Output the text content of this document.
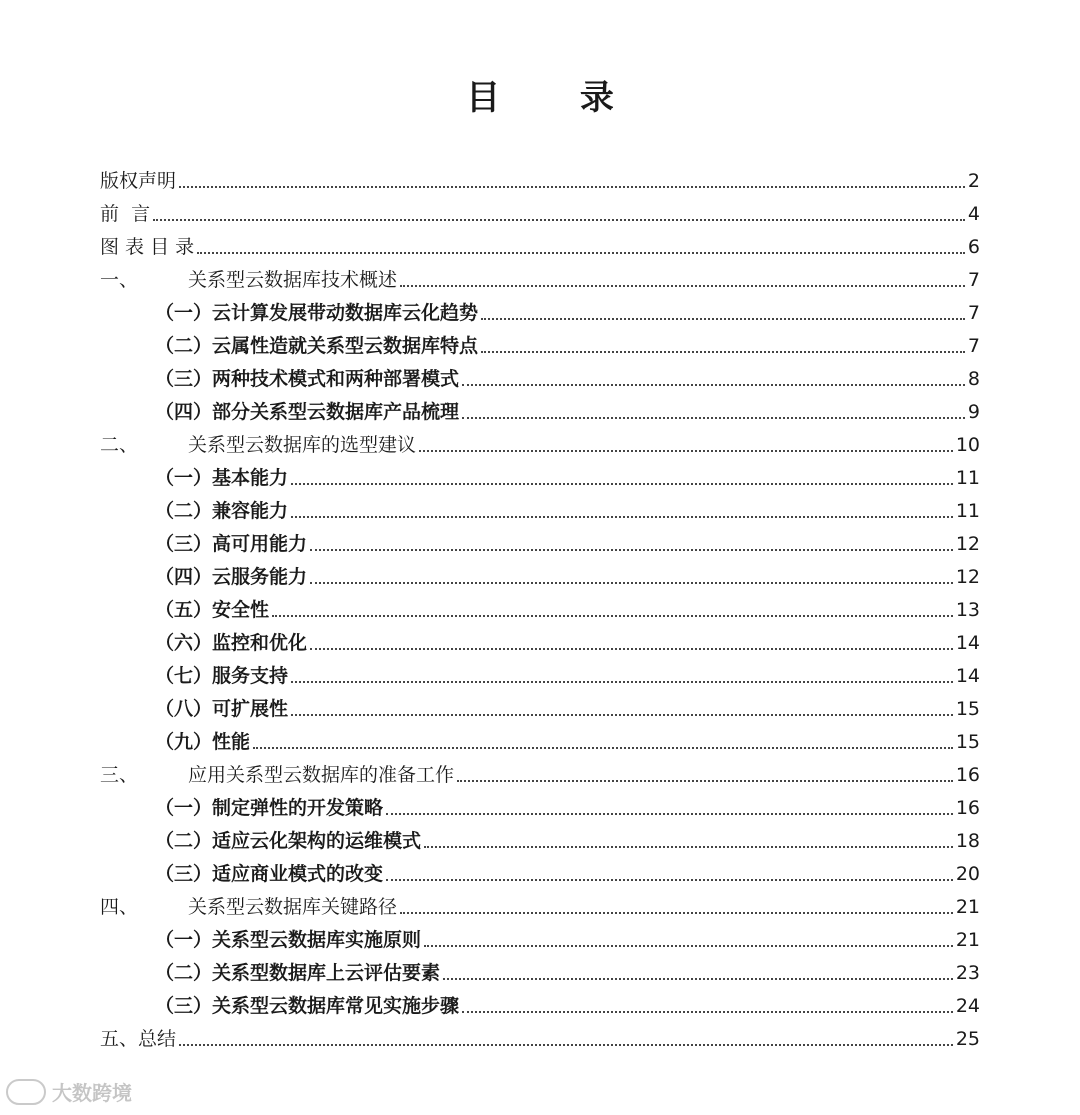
目 录
版权声明	2
前  言	4
图 表 目 录	6
一、	关系型云数据库技术概述	7
（一）云计算发展带动数据库云化趋势	7
（二）云属性造就关系型云数据库特点	7
（三）两种技术模式和两种部署模式	8
（四）部分关系型云数据库产品梳理	9
二、	关系型云数据库的选型建议	10
（一）基本能力	11
（二）兼容能力	11
（三）高可用能力	12
（四）云服务能力	12
（五）安全性	13
（六）监控和优化	14
（七）服务支持	14
（八）可扩展性	15
（九）性能	15
三、	应用关系型云数据库的准备工作	16
（一）制定弹性的开发策略	16
（二）适应云化架构的运维模式	18
（三）适应商业模式的改变	20
四、	关系型云数据库关键路径	21
（一）关系型云数据库实施原则	21
（二）关系型数据库上云评估要素	23
（三）关系型云数据库常见实施步骤	24
五、总结	25
大数跨境
